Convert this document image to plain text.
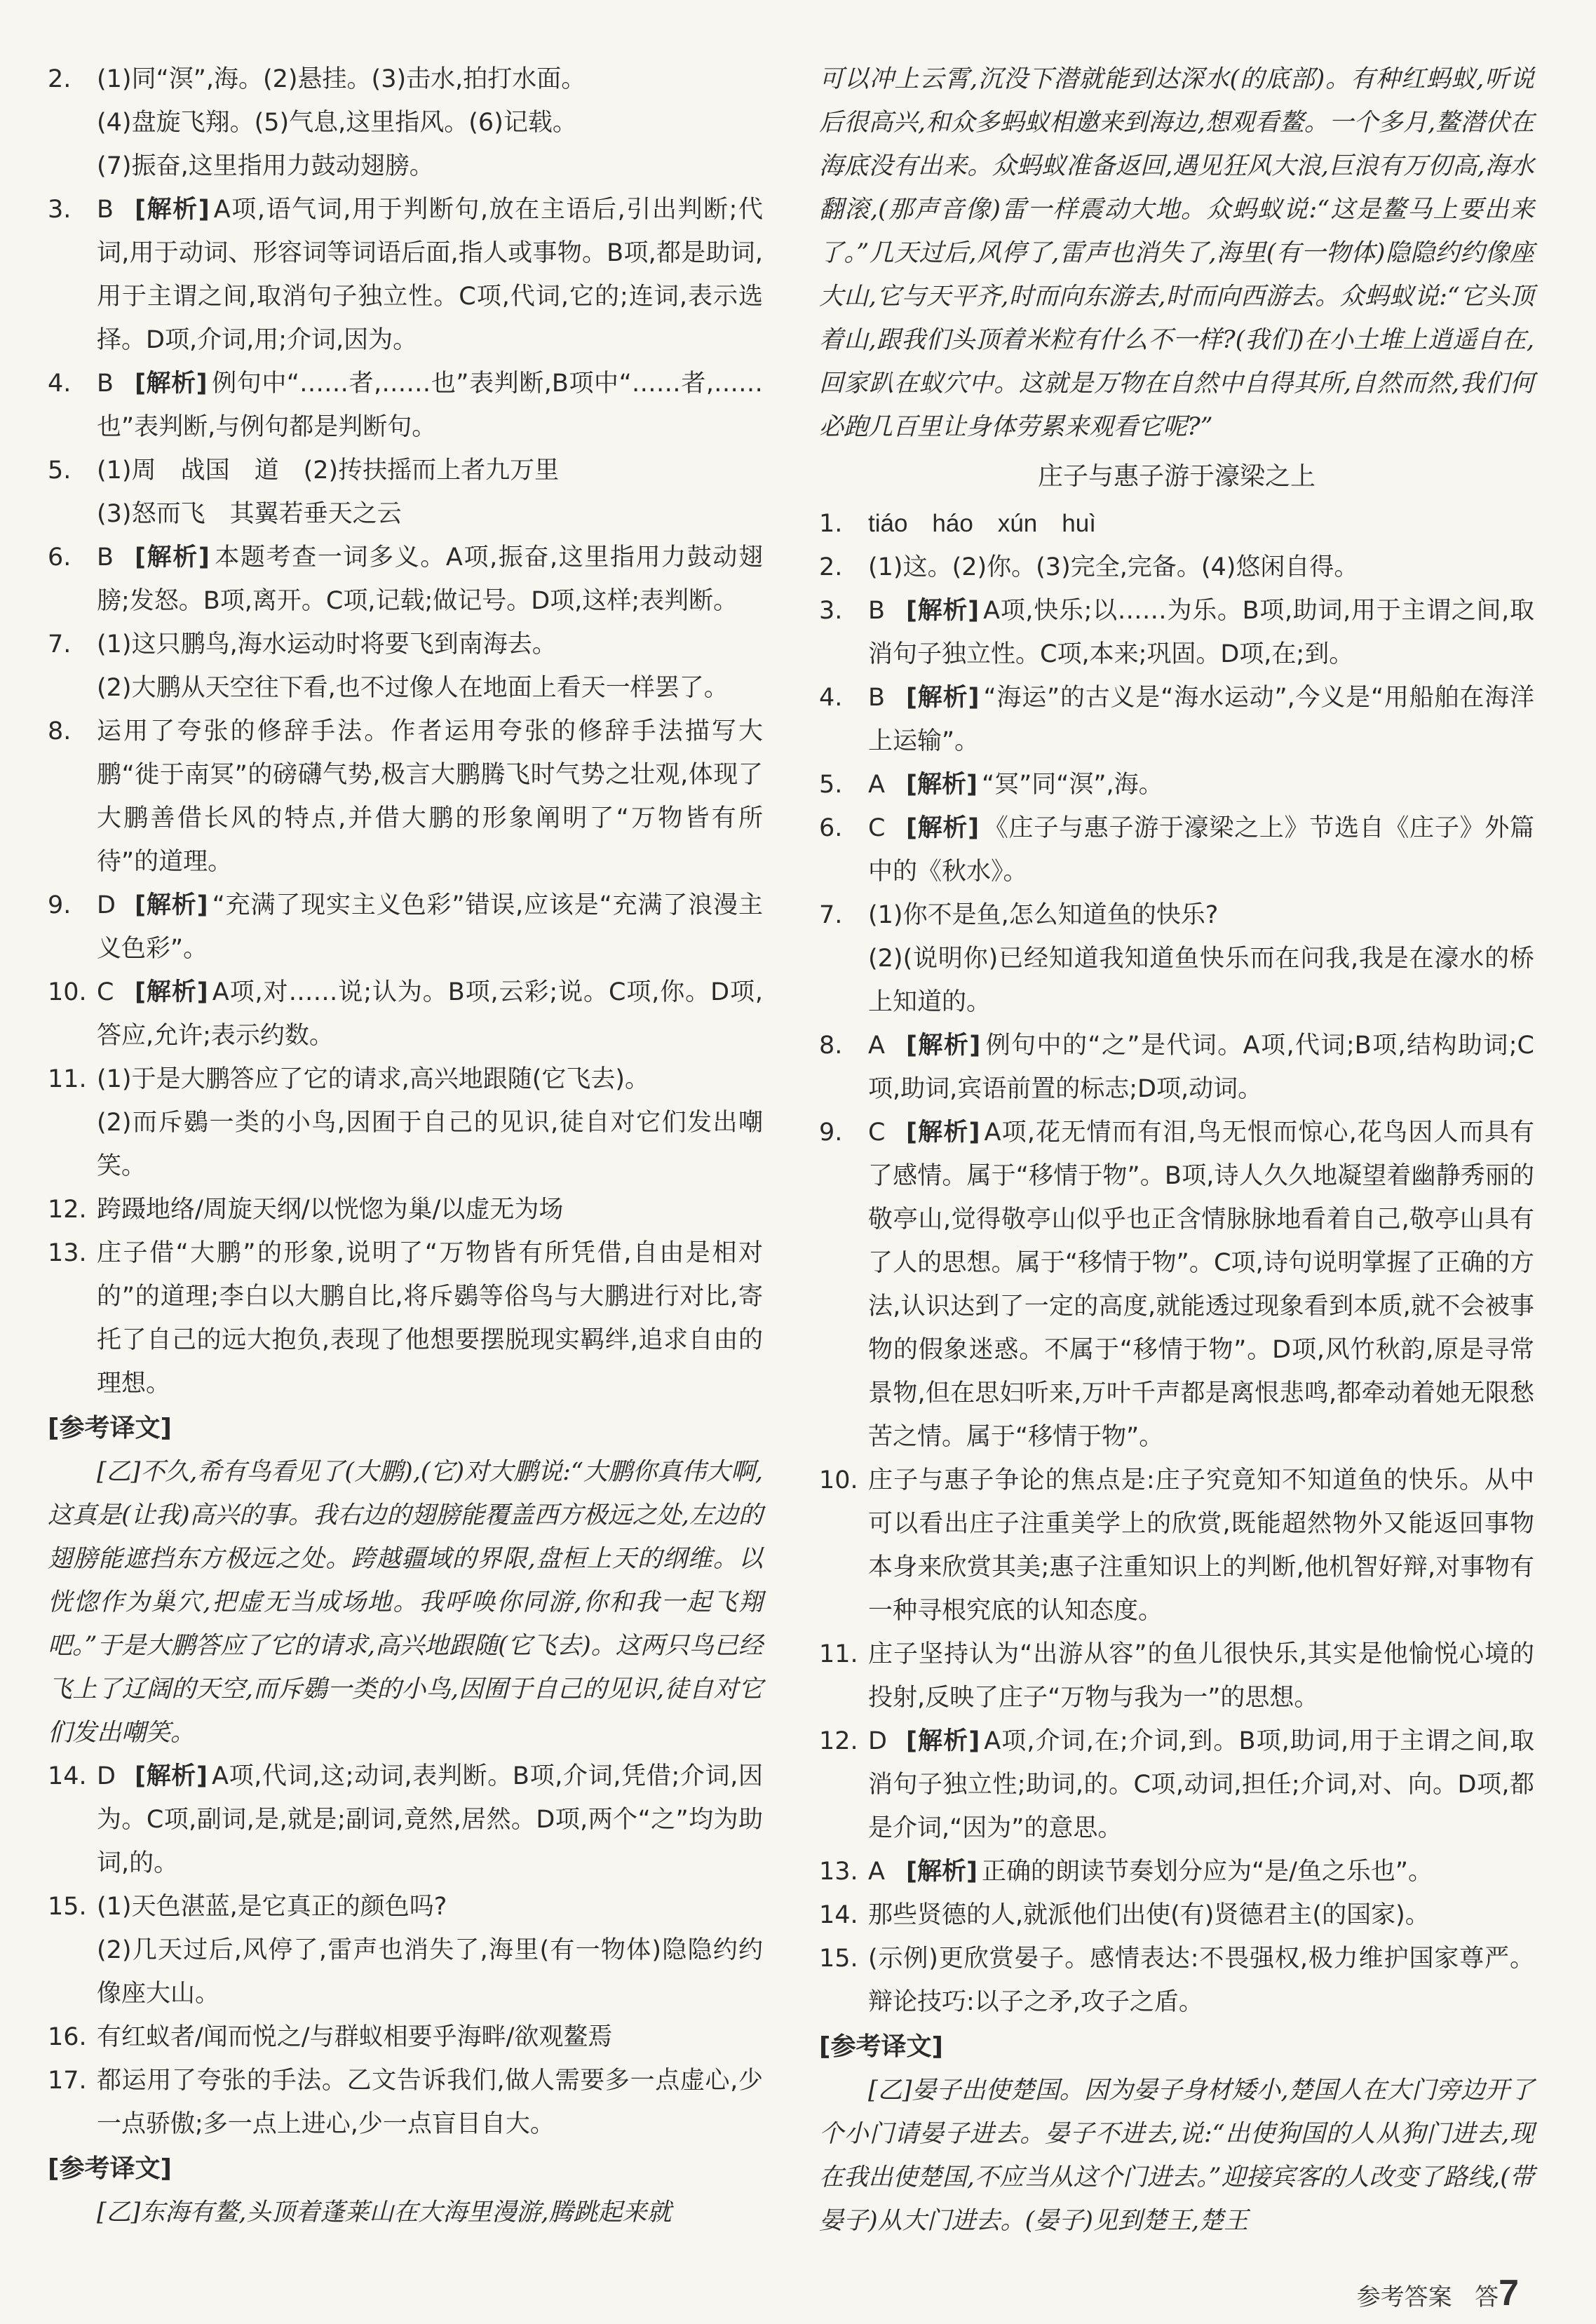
2. (1)同“溟”,海。(2)悬挂。(3)击水,拍打水面。
(4)盘旋飞翔。(5)气息,这里指风。(6)记载。
(7)振奋,这里指用力鼓动翅膀。
3. B [解析] A项,语气词,用于判断句,放在主语后,引出判断;代词,用于动词、形容词等词语后面,指人或事物。B项,都是助词,用于主谓之间,取消句子独立性。C项,代词,它的;连词,表示选择。D项,介词,用;介词,因为。
4. B [解析] 例句中“……者,……也”表判断,B项中“……者,……也”表判断,与例句都是判断句。
5. (1)周　战国　道　(2)抟扶摇而上者九万里
(3)怒而飞　其翼若垂天之云
6. B [解析] 本题考查一词多义。A项,振奋,这里指用力鼓动翅膀;发怒。B项,离开。C项,记载;做记号。D项,这样;表判断。
7. (1)这只鹏鸟,海水运动时将要飞到南海去。
(2)大鹏从天空往下看,也不过像人在地面上看天一样罢了。
8. 运用了夸张的修辞手法。作者运用夸张的修辞手法描写大鹏“徙于南冥”的磅礴气势,极言大鹏腾飞时气势之壮观,体现了大鹏善借长风的特点,并借大鹏的形象阐明了“万物皆有所待”的道理。
9. D [解析] “充满了现实主义色彩”错误,应该是“充满了浪漫主义色彩”。
10. C [解析] A项,对……说;认为。B项,云彩;说。C项,你。D项,答应,允许;表示约数。
11. (1)于是大鹏答应了它的请求,高兴地跟随(它飞去)。
(2)而斥鷃一类的小鸟,因囿于自己的见识,徒自对它们发出嘲笑。
12. 跨蹑地络/周旋天纲/以恍惚为巢/以虚无为场
13. 庄子借“大鹏”的形象,说明了“万物皆有所凭借,自由是相对的”的道理;李白以大鹏自比,将斥鷃等俗鸟与大鹏进行对比,寄托了自己的远大抱负,表现了他想要摆脱现实羁绊,追求自由的理想。
[参考译文]
[乙]不久,希有鸟看见了(大鹏),(它)对大鹏说:“大鹏你真伟大啊,这真是(让我)高兴的事。我右边的翅膀能覆盖西方极远之处,左边的翅膀能遮挡东方极远之处。跨越疆域的界限,盘桓上天的纲维。以恍惚作为巢穴,把虚无当成场地。我呼唤你同游,你和我一起飞翔吧。”于是大鹏答应了它的请求,高兴地跟随(它飞去)。这两只鸟已经飞上了辽阔的天空,而斥鷃一类的小鸟,因囿于自己的见识,徒自对它们发出嘲笑。
14. D [解析] A项,代词,这;动词,表判断。B项,介词,凭借;介词,因为。C项,副词,是,就是;副词,竟然,居然。D项,两个“之”均为助词,的。
15. (1)天色湛蓝,是它真正的颜色吗?
(2)几天过后,风停了,雷声也消失了,海里(有一物体)隐隐约约像座大山。
16. 有红蚁者/闻而悦之/与群蚁相要乎海畔/欲观鳌焉
17. 都运用了夸张的手法。乙文告诉我们,做人需要多一点虚心,少一点骄傲;多一点上进心,少一点盲目自大。
[参考译文]
[乙]东海有鳌,头顶着蓬莱山在大海里漫游,腾跳起来就
可以冲上云霄,沉没下潜就能到达深水(的底部)。有种红蚂蚁,听说后很高兴,和众多蚂蚁相邀来到海边,想观看鳌。一个多月,鳌潜伏在海底没有出来。众蚂蚁准备返回,遇见狂风大浪,巨浪有万仞高,海水翻滚,(那声音像)雷一样震动大地。众蚂蚁说:“这是鳌马上要出来了。”几天过后,风停了,雷声也消失了,海里(有一物体)隐隐约约像座大山,它与天平齐,时而向东游去,时而向西游去。众蚂蚁说:“它头顶着山,跟我们头顶着米粒有什么不一样?(我们)在小土堆上逍遥自在,回家趴在蚁穴中。这就是万物在自然中自得其所,自然而然,我们何必跑几百里让身体劳累来观看它呢?”
庄子与惠子游于濠梁之上
1. tiáo　háo　xún　huì
2. (1)这。(2)你。(3)完全,完备。(4)悠闲自得。
3. B [解析] A项,快乐;以……为乐。B项,助词,用于主谓之间,取消句子独立性。C项,本来;巩固。D项,在;到。
4. B [解析] “海运”的古义是“海水运动”,今义是“用船舶在海洋上运输”。
5. A [解析] “冥”同“溟”,海。
6. C [解析] 《庄子与惠子游于濠梁之上》节选自《庄子》外篇中的《秋水》。
7. (1)你不是鱼,怎么知道鱼的快乐?
(2)(说明你)已经知道我知道鱼快乐而在问我,我是在濠水的桥上知道的。
8. A [解析] 例句中的“之”是代词。A项,代词;B项,结构助词;C项,助词,宾语前置的标志;D项,动词。
9. C [解析] A项,花无情而有泪,鸟无恨而惊心,花鸟因人而具有了感情。属于“移情于物”。B项,诗人久久地凝望着幽静秀丽的敬亭山,觉得敬亭山似乎也正含情脉脉地看着自己,敬亭山具有了人的思想。属于“移情于物”。C项,诗句说明掌握了正确的方法,认识达到了一定的高度,就能透过现象看到本质,就不会被事物的假象迷惑。不属于“移情于物”。D项,风竹秋韵,原是寻常景物,但在思妇听来,万叶千声都是离恨悲鸣,都牵动着她无限愁苦之情。属于“移情于物”。
10. 庄子与惠子争论的焦点是:庄子究竟知不知道鱼的快乐。从中可以看出庄子注重美学上的欣赏,既能超然物外又能返回事物本身来欣赏其美;惠子注重知识上的判断,他机智好辩,对事物有一种寻根究底的认知态度。
11. 庄子坚持认为“出游从容”的鱼儿很快乐,其实是他愉悦心境的投射,反映了庄子“万物与我为一”的思想。
12. D [解析] A项,介词,在;介词,到。B项,助词,用于主谓之间,取消句子独立性;助词,的。C项,动词,担任;介词,对、向。D项,都是介词,“因为”的意思。
13. A [解析] 正确的朗读节奏划分应为“是/鱼之乐也”。
14. 那些贤德的人,就派他们出使(有)贤德君主(的国家)。
15. (示例)更欣赏晏子。感情表达:不畏强权,极力维护国家尊严。辩论技巧:以子之矛,攻子之盾。
[参考译文]
[乙]晏子出使楚国。因为晏子身材矮小,楚国人在大门旁边开了个小门请晏子进去。晏子不进去,说:“出使狗国的人从狗门进去,现在我出使楚国,不应当从这个门进去。”迎接宾客的人改变了路线,(带晏子)从大门进去。(晏子)见到楚王,楚王
参考答案 答7
